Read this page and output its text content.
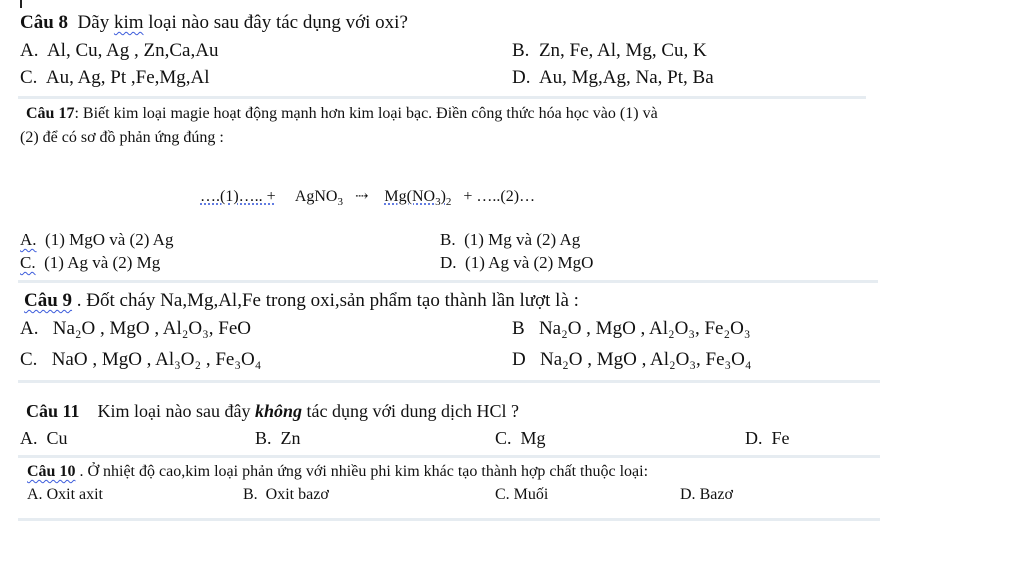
Câu 8 Dãy kim loại nào sau đây tác dụng với oxi?
A. Al, Cu, Ag , Zn,Ca,Au	B. Zn, Fe, Al, Mg, Cu, K
C. Au, Ag, Pt ,Fe,Mg,Al	D. Au, Mg,Ag, Na, Pt, Ba
Câu 17: Biết kim loại magie hoạt động mạnh hơn kim loại bạc. Điền công thức hóa học vào (1) và
(2) để có sơ đồ phản ứng đúng :
….(1)….. + AgNO$_3$ ⇢ $Mg(NO_3)_2$ + …..(2)…
A. (1) MgO và (2) Ag	B. (1) Mg và (2) Ag
C. (1) Ag và (2) Mg	D. (1) Ag và (2) MgO
Câu 9 . Đốt cháy Na,Mg,Al,Fe trong oxi,sản phẩm tạo thành lần lượt là :
A. Na₂O , MgO , Al₂O₃, FeO	B Na₂O , MgO , Al₂O₃, Fe₂O₃
C. NaO , MgO , Al₃O₂ , Fe₃O₄	D Na₂O , MgO , Al₂O₃, Fe₃O₄
Câu 11 Kim loại nào sau đây không tác dụng với dung dịch HCl ?
A. Cu	B. Zn	C. Mg	D. Fe
Câu 10 . Ở nhiệt độ cao,kim loại phản ứng với nhiều phi kim khác tạo thành hợp chất thuộc loại:
A. Oxit axit	B. Oxit bazơ	C. Muối	D. Bazơ
